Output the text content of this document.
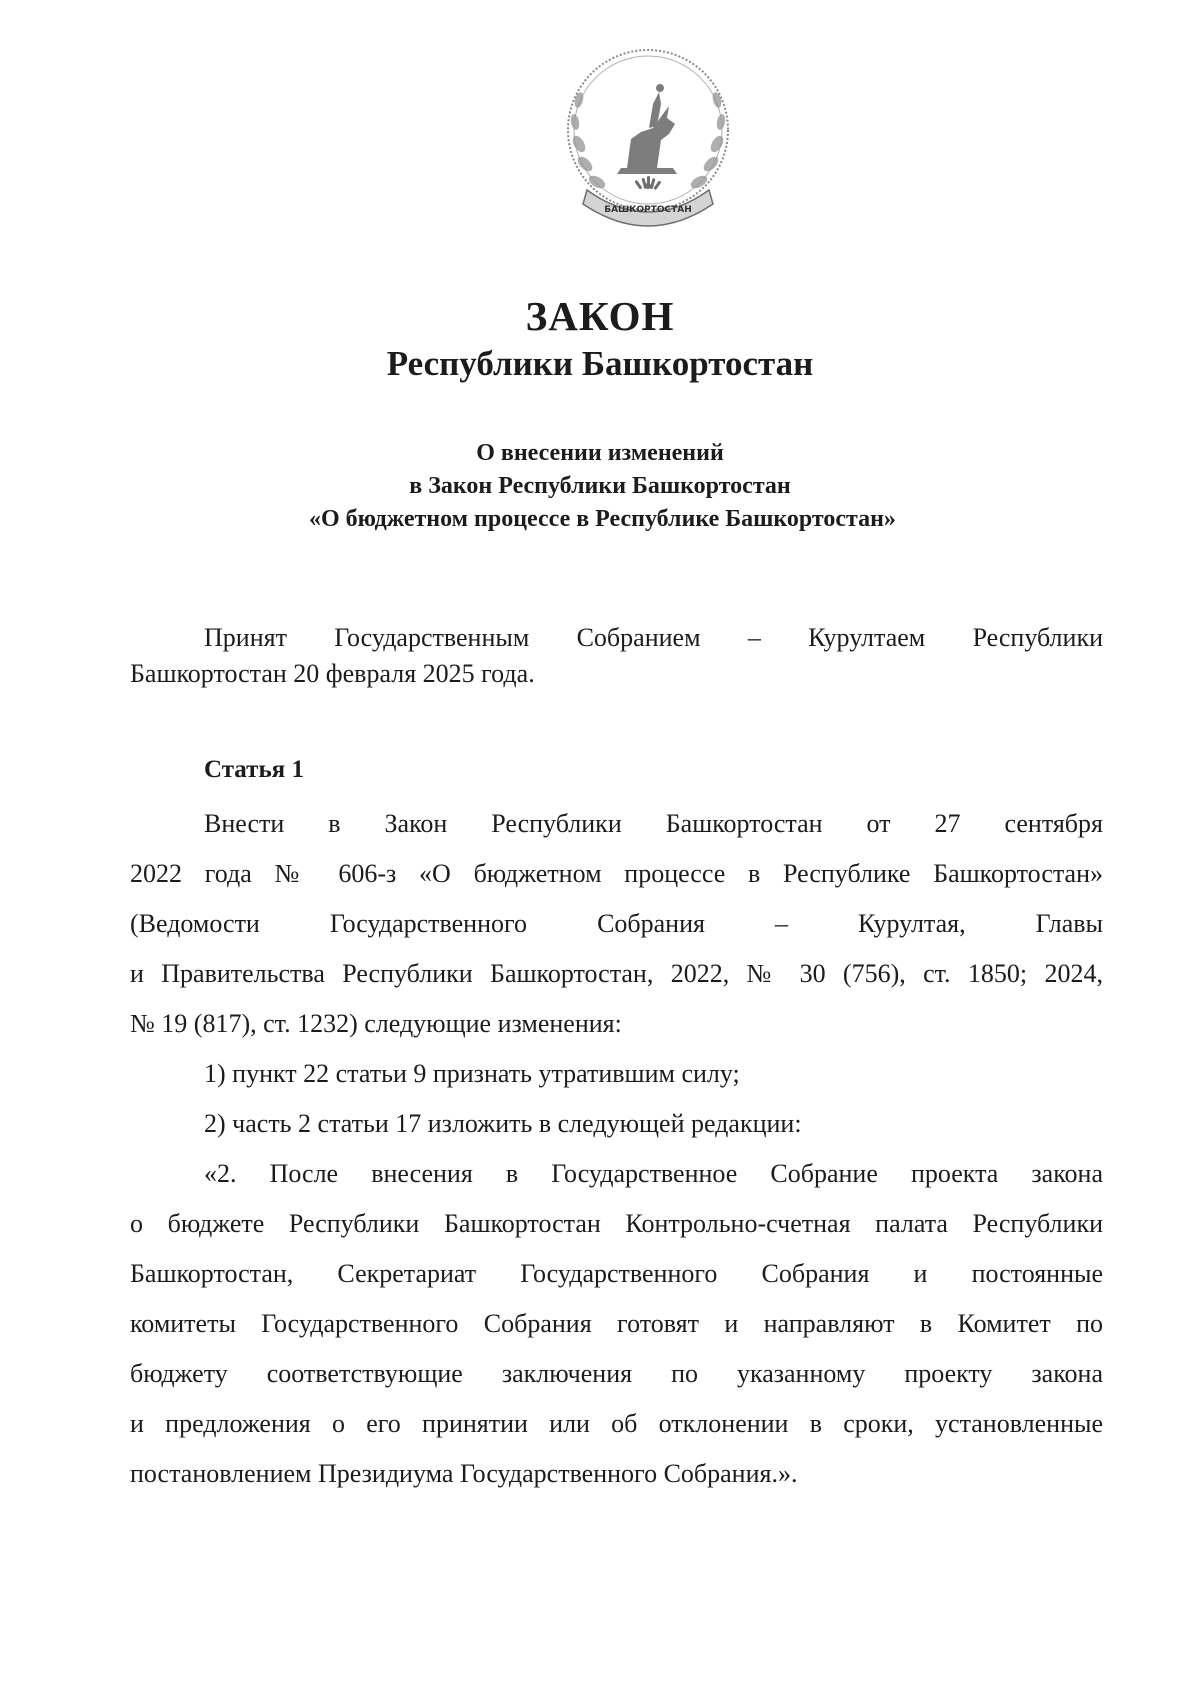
БАШКОРТОСТАН
ЗАКОН
Республики Башкортостан
О внесении изменений
в Закон Республики Башкортостан
«О бюджетном процессе в Республике Башкортостан»
Принят Государственным Собранием – Курултаем Республики
Башкортостан 20 февраля 2025 года.
Статья 1
Внести в Закон Республики Башкортостан от 27 сентября
2022 года № 606-з «О бюджетном процессе в Республике Башкортостан»
(Ведомости Государственного Собрания – Курултая, Главы
и Правительства Республики Башкортостан, 2022, № 30 (756), ст. 1850; 2024,
№ 19 (817), ст. 1232) следующие изменения:
1) пункт 22 статьи 9 признать утратившим силу;
2) часть 2 статьи 17 изложить в следующей редакции:
«2. После внесения в Государственное Собрание проекта закона
о бюджете Республики Башкортостан Контрольно-счетная палата Республики
Башкортостан, Секретариат Государственного Собрания и постоянные
комитеты Государственного Собрания готовят и направляют в Комитет по
бюджету соответствующие заключения по указанному проекту закона
и предложения о его принятии или об отклонении в сроки, установленные
постановлением Президиума Государственного Собрания.».
